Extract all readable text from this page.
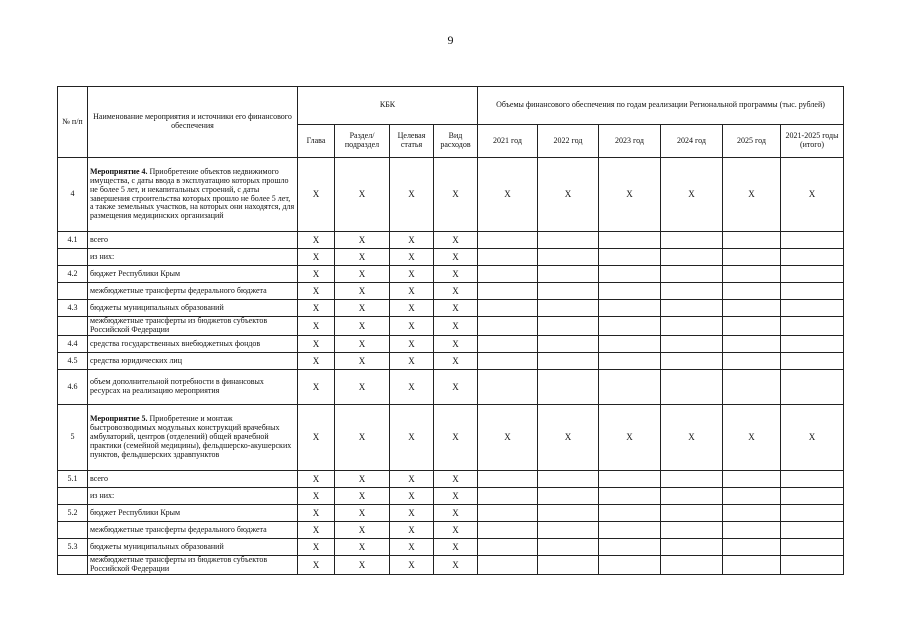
9
№ п/п	Наименование мероприятия и источники его финансового обеспечения	КБК				Объемы финансового обеспечения по годам реализации Региональной программы (тыс. рублей)					
		Глава	Раздел/ подраздел	Целевая статья	Вид расходов	2021 год	2022 год	2023 год	2024 год	2025 год	2021-2025 годы (итого)
4	Мероприятие 4. Приобретение объектов недвижимого имущества, с даты ввода в эксплуатацию которых прошло не более 5 лет, и некапитальных строений, с даты завершения строительства которых прошло не более 5 лет, а также земельных участков, на которых они находятся, для размещения медицинских организаций	X	X	X	X	X	X	X	X	X	X
4.1	всего	X	X	X	X						
	из них:	X	X	X	X						
4.2	бюджет Республики Крым	X	X	X	X						
	межбюджетные трансферты федерального бюджета	X	X	X	X						
4.3	бюджеты муниципальных образований	X	X	X	X						
	межбюджетные трансферты из бюджетов субъектов Российской Федерации	X	X	X	X						
4.4	средства государственных внебюджетных фондов	X	X	X	X						
4.5	средства юридических лиц	X	X	X	X						
4.6	объем дополнительной потребности в финансовых ресурсах на реализацию мероприятия	X	X	X	X						
5	Мероприятие 5. Приобретение и монтаж быстровозводимых модульных конструкций врачебных амбулаторий, центров (отделений) общей врачебной практики (семейной медицины), фельдшерско-акушерских пунктов, фельдшерских здравпунктов	X	X	X	X	X	X	X	X	X	X
5.1	всего	X	X	X	X						
	из них:	X	X	X	X						
5.2	бюджет Республики Крым	X	X	X	X						
	межбюджетные трансферты федерального бюджета	X	X	X	X						
5.3	бюджеты муниципальных образований	X	X	X	X						
	межбюджетные трансферты из бюджетов субъектов Российской Федерации	X	X	X	X						
